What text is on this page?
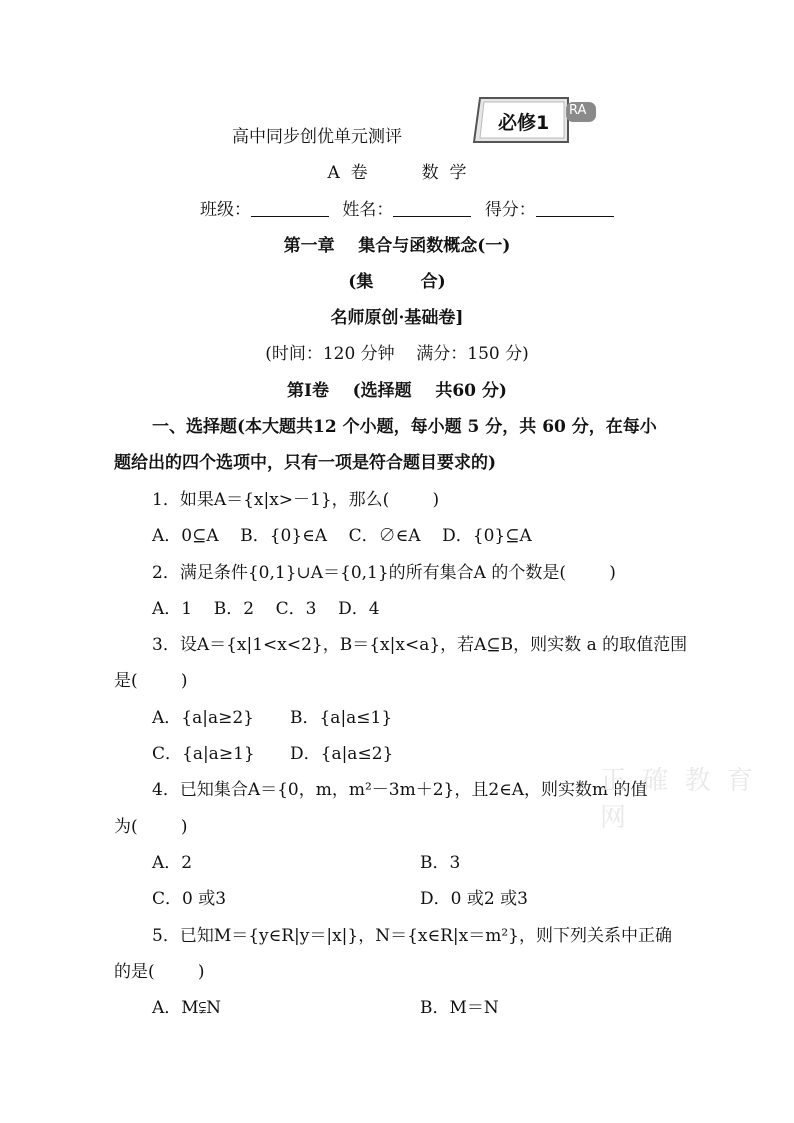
高中同步创优单元测评
必修1
RA
A  卷          数  学
班级：	姓名：	得分：
第一章    集合与函数概念(一)
(集        合)
名师原创·基础卷]
(时间：120 分钟    满分：150 分)
第Ⅰ卷    (选择题    共60 分)
一、选择题(本大题共12 个小题，每小题 5 分，共 60 分，在每小
题给出的四个选项中，只有一项是符合题目要求的)
1．如果A＝{x|x>－1}，那么(        )
A．0⊆A    B．{0}∈A    C．∅∈A    D．{0}⊆A
2．满足条件{0,1}∪A＝{0,1}的所有集合A 的个数是(        )
A．1    B．2    C．3    D．4
3．设A＝{x|1<x<2}，B＝{x|x<a}，若A⊆B，则实数 a 的取值范围
是(        )
A．{a|a≥2} B．{a|a≤1}
C．{a|a≥1} D．{a|a≤2}
4．已知集合A＝{0，m，m²－3m＋2}，且2∈A，则实数m 的值
为(        )
A．2	B．3
C．0 或3	D．0 或2 或3
5．已知M＝{y∈R|y＝|x|}，N＝{x∈R|x＝m²}，则下列关系中正确
的是(        )
A．M⫋N	B．M＝N
正 確 教 育 网
